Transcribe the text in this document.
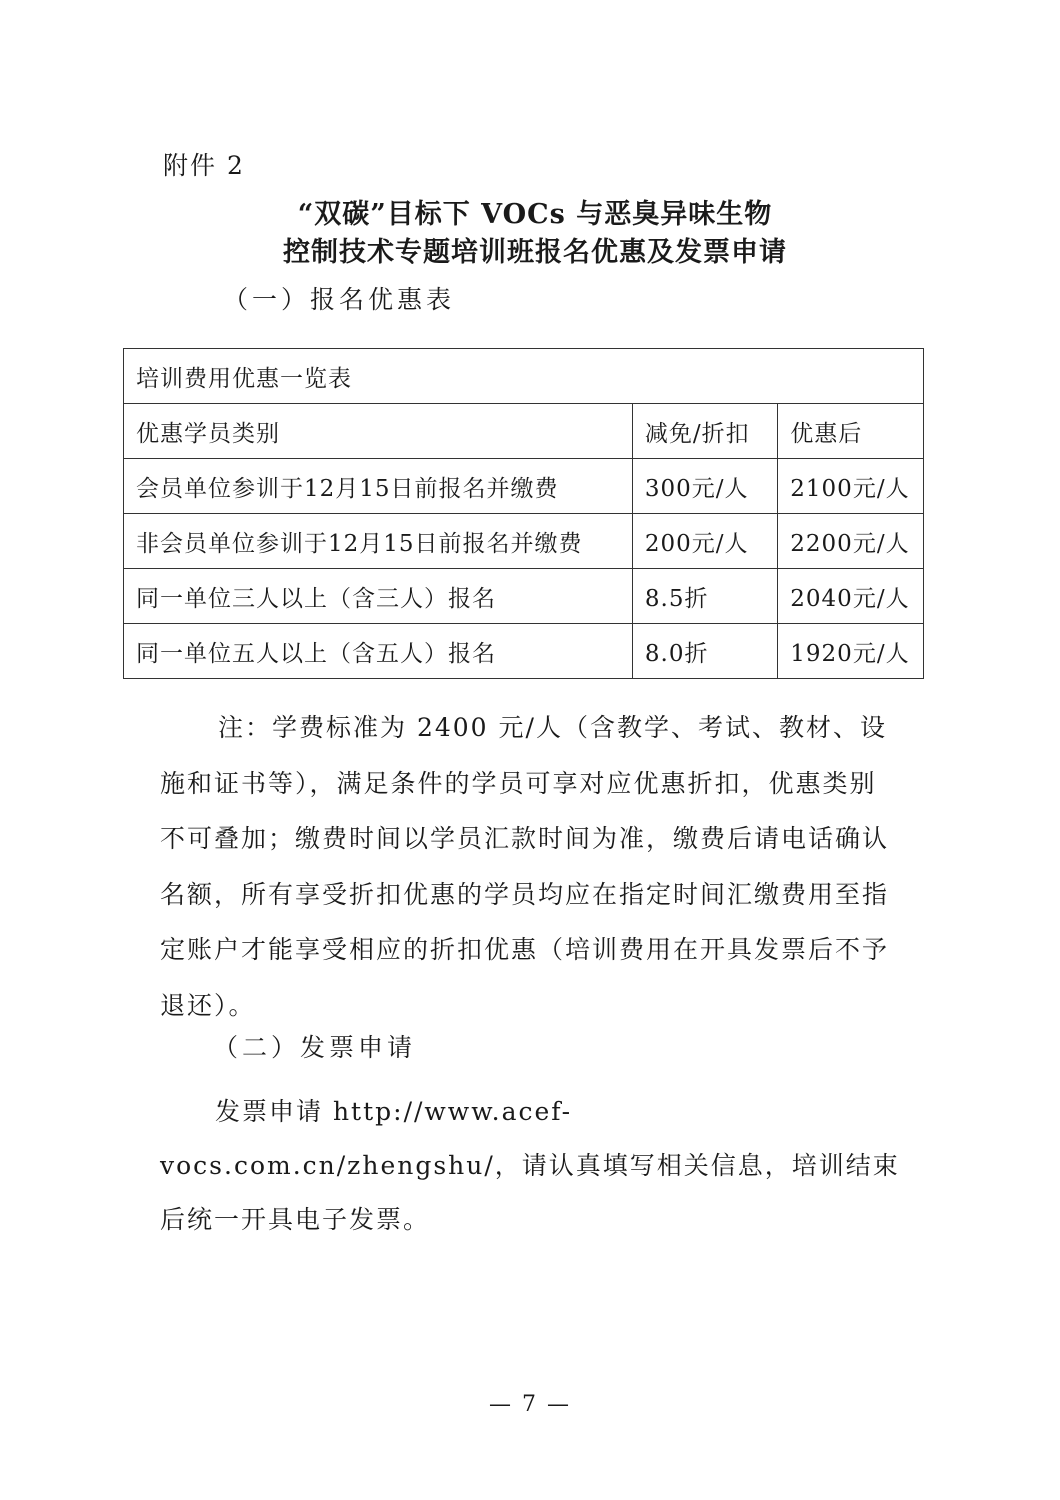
附件 2
“双碳”目标下 VOCs 与恶臭异味生物
控制技术专题培训班报名优惠及发票申请
（一）报名优惠表
培训费用优惠一览表		
优惠学员类别	减免/折扣	优惠后
会员单位参训于12月15日前报名并缴费	300元/人	2100元/人
非会员单位参训于12月15日前报名并缴费	200元/人	2200元/人
同一单位三人以上（含三人）报名	8.5折	2040元/人
同一单位五人以上（含五人）报名	8.0折	1920元/人
注：学费标准为 2400 元/人（含教学、考试、教材、设施和证书等），满足条件的学员可享对应优惠折扣，优惠类别不可叠加；缴费时间以学员汇款时间为准，缴费后请电话确认名额，所有享受折扣优惠的学员均应在指定时间汇缴费用至指定账户才能享受相应的折扣优惠（培训费用在开具发票后不予退还）。
（二）发票申请
发票申请 http://www.acef-vocs.com.cn/zhengshu/，请认真填写相关信息，培训结束后统一开具电子发票。
— 7 —
